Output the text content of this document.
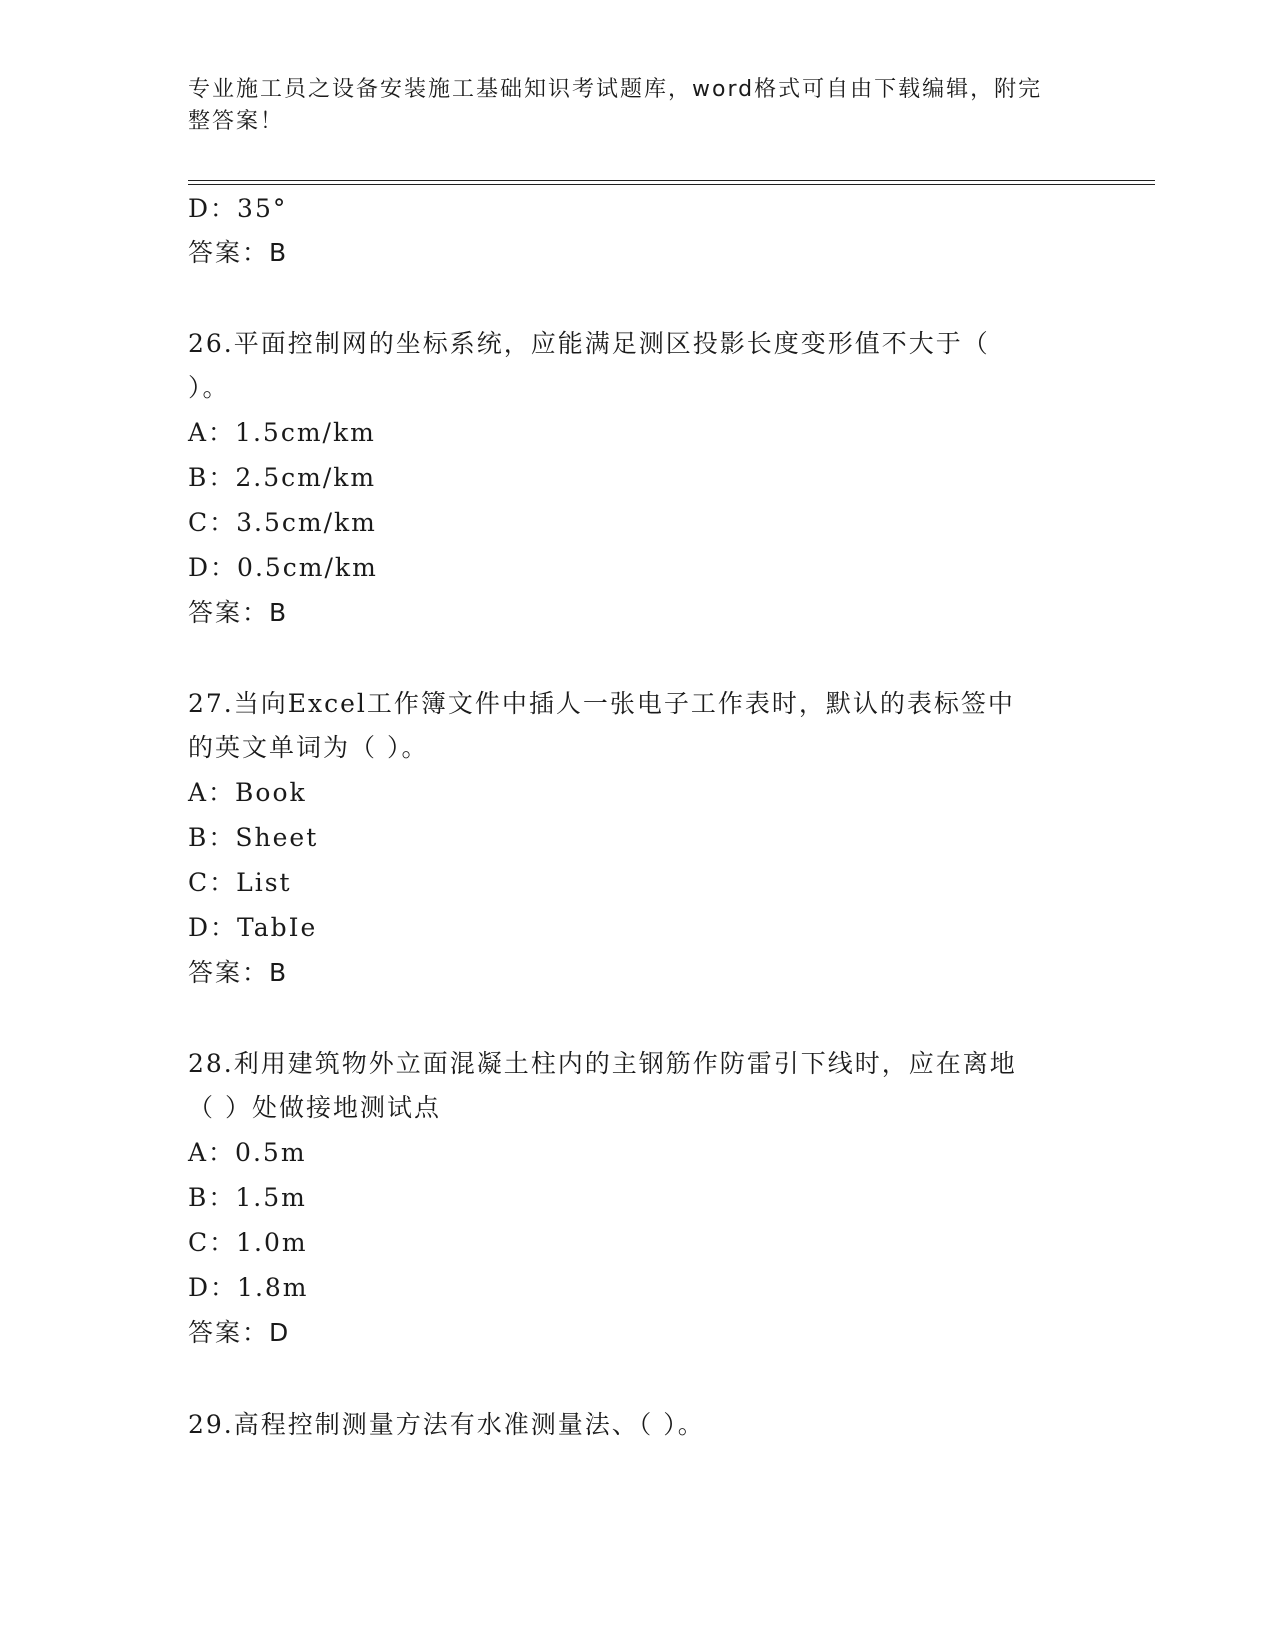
专业施工员之设备安装施工基础知识考试题库，word格式可自由下载编辑，附完
整答案！
D：35°
答案：B
26.平面控制网的坐标系统，应能满足测区投影长度变形值不大于（
）。
A：1.5cm/km
B：2.5cm/km
C：3.5cm/km
D：0.5cm/km
答案：B
27.当向Excel工作簿文件中插人一张电子工作表时，默认的表标签中
的英文单词为（ ）。
A：Book
B：Sheet
C：List
D：TabIe
答案：B
28.利用建筑物外立面混凝土柱内的主钢筋作防雷引下线时，应在离地
（ ）处做接地测试点
A：0.5m
B：1.5m
C：1.0m
D：1.8m
答案：D
29.高程控制测量方法有水准测量法、（ ）。
